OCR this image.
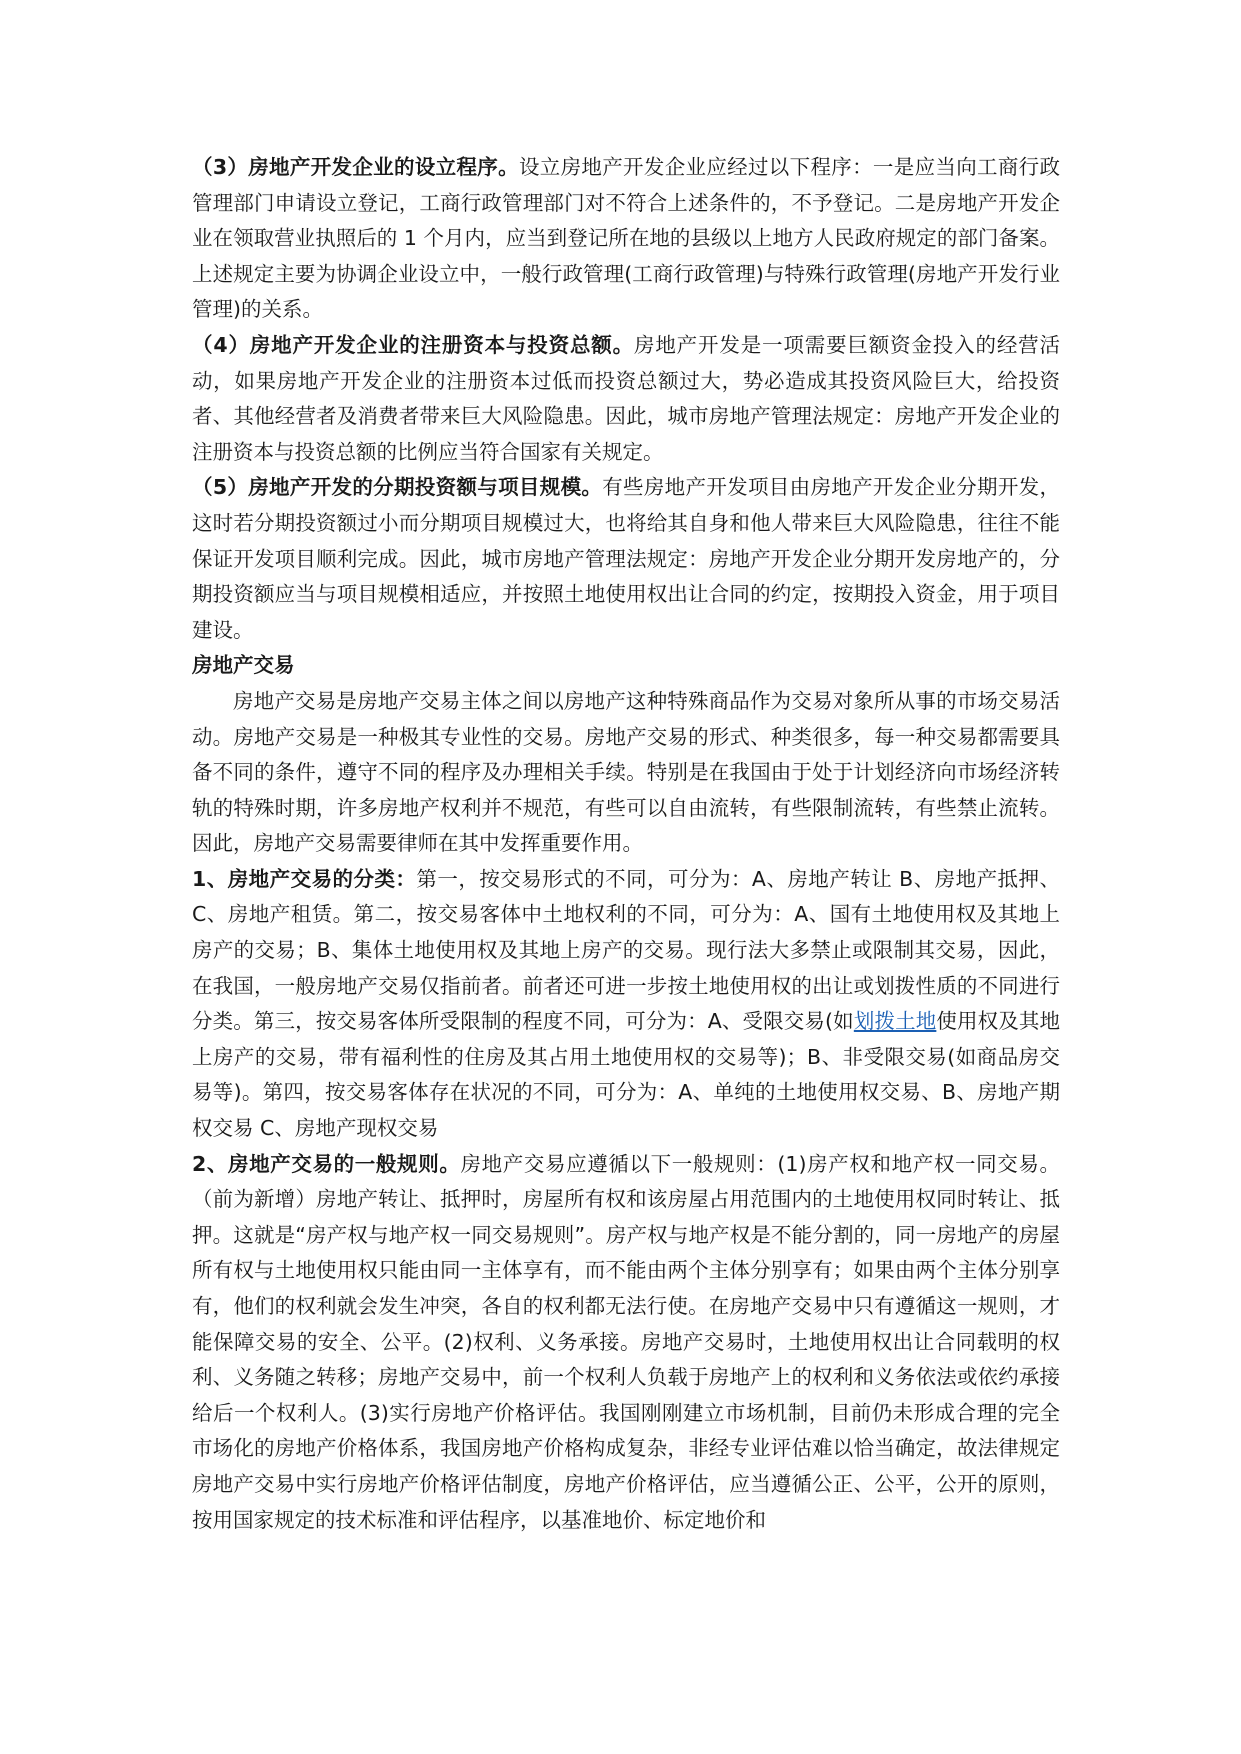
（3）房地产开发企业的设立程序。设立房地产开发企业应经过以下程序：一是应当向工商行政管理部门申请设立登记，工商行政管理部门对不符合上述条件的，不予登记。二是房地产开发企业在领取营业执照后的 1 个月内，应当到登记所在地的县级以上地方人民政府规定的部门备案。上述规定主要为协调企业设立中，一般行政管理(工商行政管理)与特殊行政管理(房地产开发行业管理)的关系。

（4）房地产开发企业的注册资本与投资总额。房地产开发是一项需要巨额资金投入的经营活动，如果房地产开发企业的注册资本过低而投资总额过大，势必造成其投资风险巨大，给投资者、其他经营者及消费者带来巨大风险隐患。因此，城市房地产管理法规定：房地产开发企业的注册资本与投资总额的比例应当符合国家有关规定。

（5）房地产开发的分期投资额与项目规模。有些房地产开发项目由房地产开发企业分期开发，这时若分期投资额过小而分期项目规模过大，也将给其自身和他人带来巨大风险隐患，往往不能保证开发项目顺利完成。因此，城市房地产管理法规定：房地产开发企业分期开发房地产的，分期投资额应当与项目规模相适应，并按照土地使用权出让合同的约定，按期投入资金，用于项目建设。

房地产交易

房地产交易是房地产交易主体之间以房地产这种特殊商品作为交易对象所从事的市场交易活动。房地产交易是一种极其专业性的交易。房地产交易的形式、种类很多，每一种交易都需要具备不同的条件，遵守不同的程序及办理相关手续。特别是在我国由于处于计划经济向市场经济转轨的特殊时期，许多房地产权利并不规范，有些可以自由流转，有些限制流转，有些禁止流转。因此，房地产交易需要律师在其中发挥重要作用。

1、房地产交易的分类：第一，按交易形式的不同，可分为：A、房地产转让 B、房地产抵押、C、房地产租赁。第二，按交易客体中土地权利的不同，可分为：A、国有土地使用权及其地上房产的交易；B、集体土地使用权及其地上房产的交易。现行法大多禁止或限制其交易，因此，在我国，一般房地产交易仅指前者。前者还可进一步按土地使用权的出让或划拨性质的不同进行分类。第三，按交易客体所受限制的程度不同，可分为：A、受限交易(如划拨土地使用权及其地上房产的交易，带有福利性的住房及其占用土地使用权的交易等)；B、非受限交易(如商品房交易等)。第四，按交易客体存在状况的不同，可分为：A、单纯的土地使用权交易、B、房地产期权交易 C、房地产现权交易

2、房地产交易的一般规则。房地产交易应遵循以下一般规则：(1)房产权和地产权一同交易。（前为新增）房地产转让、抵押时，房屋所有权和该房屋占用范围内的土地使用权同时转让、抵押。这就是“房产权与地产权一同交易规则”。房产权与地产权是不能分割的，同一房地产的房屋所有权与土地使用权只能由同一主体享有，而不能由两个主体分别享有；如果由两个主体分别享有，他们的权利就会发生冲突，各自的权利都无法行使。在房地产交易中只有遵循这一规则，才能保障交易的安全、公平。(2)权利、义务承接。房地产交易时，土地使用权出让合同载明的权利、义务随之转移；房地产交易中，前一个权利人负载于房地产上的权利和义务依法或依约承接给后一个权利人。(3)实行房地产价格评估。我国刚刚建立市场机制，目前仍未形成合理的完全市场化的房地产价格体系，我国房地产价格构成复杂，非经专业评估难以恰当确定，故法律规定房地产交易中实行房地产价格评估制度，房地产价格评估，应当遵循公正、公平，公开的原则，按用国家规定的技术标准和评估程序，以基准地价、标定地价和
